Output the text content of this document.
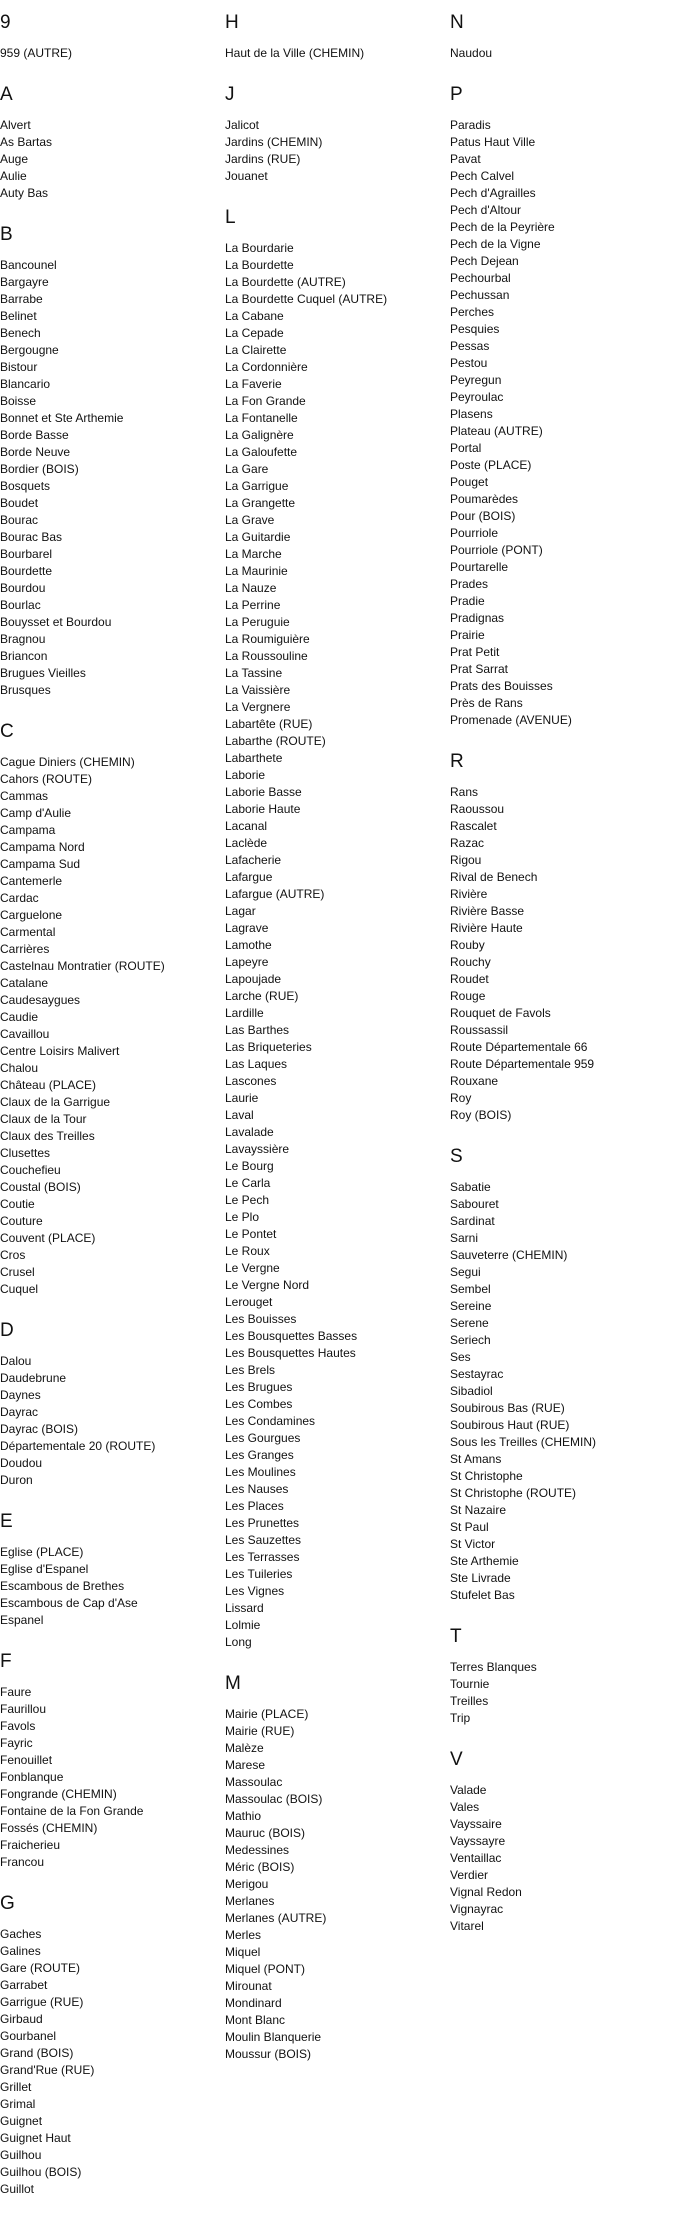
9
959 (AUTRE)
A
Alvert
As Bartas
Auge
Aulie
Auty Bas
B
Bancounel
Bargayre
Barrabe
Belinet
Benech
Bergougne
Bistour
Blancario
Boisse
Bonnet et Ste Arthemie
Borde Basse
Borde Neuve
Bordier (BOIS)
Bosquets
Boudet
Bourac
Bourac Bas
Bourbarel
Bourdette
Bourdou
Bourlac
Bouysset et Bourdou
Bragnou
Briancon
Brugues Vieilles
Brusques
C
Cague Diniers (CHEMIN)
Cahors (ROUTE)
Cammas
Camp d'Aulie
Campama
Campama Nord
Campama Sud
Cantemerle
Cardac
Carguelone
Carmental
Carrières
Castelnau Montratier (ROUTE)
Catalane
Caudesaygues
Caudie
Cavaillou
Centre Loisirs Malivert
Chalou
Château (PLACE)
Claux de la Garrigue
Claux de la Tour
Claux des Treilles
Clusettes
Couchefieu
Coustal (BOIS)
Coutie
Couture
Couvent (PLACE)
Cros
Crusel
Cuquel
D
Dalou
Daudebrune
Daynes
Dayrac
Dayrac (BOIS)
Départementale 20 (ROUTE)
Doudou
Duron
E
Eglise (PLACE)
Eglise d'Espanel
Escambous de Brethes
Escambous de Cap d'Ase
Espanel
F
Faure
Faurillou
Favols
Fayric
Fenouillet
Fonblanque
Fongrande (CHEMIN)
Fontaine de la Fon Grande
Fossés (CHEMIN)
Fraicherieu
Francou
G
Gaches
Galines
Gare (ROUTE)
Garrabet
Garrigue (RUE)
Girbaud
Gourbanel
Grand (BOIS)
Grand'Rue (RUE)
Grillet
Grimal
Guignet
Guignet Haut
Guilhou
Guilhou (BOIS)
Guillot
H
Haut de la Ville (CHEMIN)
J
Jalicot
Jardins (CHEMIN)
Jardins (RUE)
Jouanet
L
La Bourdarie
La Bourdette
La Bourdette (AUTRE)
La Bourdette Cuquel (AUTRE)
La Cabane
La Cepade
La Clairette
La Cordonnière
La Faverie
La Fon Grande
La Fontanelle
La Galignère
La Galoufette
La Gare
La Garrigue
La Grangette
La Grave
La Guitardie
La Marche
La Maurinie
La Nauze
La Perrine
La Peruguie
La Roumiguière
La Roussouline
La Tassine
La Vaissière
La Vergnere
Labartête (RUE)
Labarthe (ROUTE)
Labarthete
Laborie
Laborie Basse
Laborie Haute
Lacanal
Laclède
Lafacherie
Lafargue
Lafargue (AUTRE)
Lagar
Lagrave
Lamothe
Lapeyre
Lapoujade
Larche (RUE)
Lardille
Las Barthes
Las Briqueteries
Las Laques
Lascones
Laurie
Laval
Lavalade
Lavayssière
Le Bourg
Le Carla
Le Pech
Le Plo
Le Pontet
Le Roux
Le Vergne
Le Vergne Nord
Lerouget
Les Bouisses
Les Bousquettes Basses
Les Bousquettes Hautes
Les Brels
Les Brugues
Les Combes
Les Condamines
Les Gourgues
Les Granges
Les Moulines
Les Nauses
Les Places
Les Prunettes
Les Sauzettes
Les Terrasses
Les Tuileries
Les Vignes
Lissard
Lolmie
Long
M
Mairie (PLACE)
Mairie (RUE)
Malèze
Marese
Massoulac
Massoulac (BOIS)
Mathio
Mauruc (BOIS)
Medessines
Méric (BOIS)
Merigou
Merlanes
Merlanes (AUTRE)
Merles
Miquel
Miquel (PONT)
Mirounat
Mondinard
Mont Blanc
Moulin Blanquerie
Moussur (BOIS)
N
Naudou
P
Paradis
Patus Haut Ville
Pavat
Pech Calvel
Pech d'Agrailles
Pech d'Altour
Pech de la Peyrière
Pech de la Vigne
Pech Dejean
Pechourbal
Pechussan
Perches
Pesquies
Pessas
Pestou
Peyregun
Peyroulac
Plasens
Plateau (AUTRE)
Portal
Poste (PLACE)
Pouget
Poumarèdes
Pour (BOIS)
Pourriole
Pourriole (PONT)
Pourtarelle
Prades
Pradie
Pradignas
Prairie
Prat Petit
Prat Sarrat
Prats des Bouisses
Près de Rans
Promenade (AVENUE)
R
Rans
Raoussou
Rascalet
Razac
Rigou
Rival de Benech
Rivière
Rivière Basse
Rivière Haute
Rouby
Rouchy
Roudet
Rouge
Rouquet de Favols
Roussassil
Route Départementale 66
Route Départementale 959
Rouxane
Roy
Roy (BOIS)
S
Sabatie
Sabouret
Sardinat
Sarni
Sauveterre (CHEMIN)
Segui
Sembel
Sereine
Serene
Seriech
Ses
Sestayrac
Sibadiol
Soubirous Bas (RUE)
Soubirous Haut (RUE)
Sous les Treilles (CHEMIN)
St Amans
St Christophe
St Christophe (ROUTE)
St Nazaire
St Paul
St Victor
Ste Arthemie
Ste Livrade
Stufelet Bas
T
Terres Blanques
Tournie
Treilles
Trip
V
Valade
Vales
Vayssaire
Vayssayre
Ventaillac
Verdier
Vignal Redon
Vignayrac
Vitarel
